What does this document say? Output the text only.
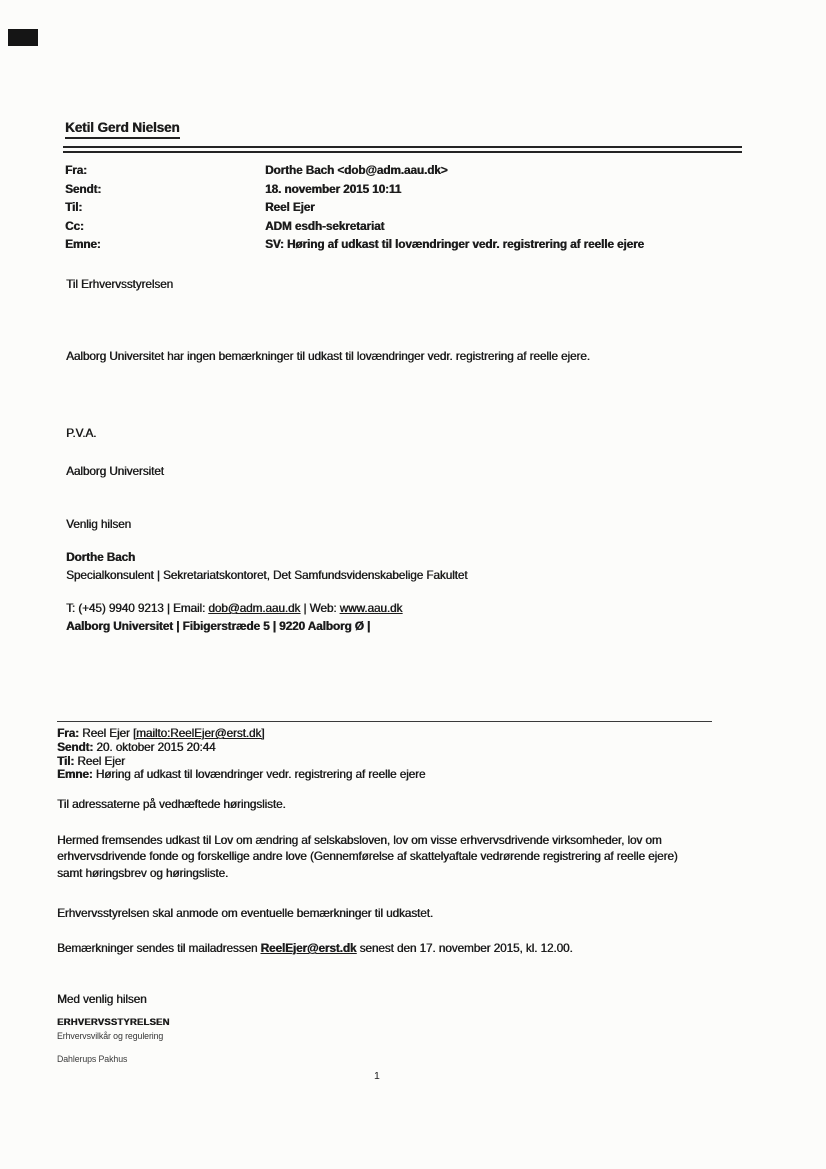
Ketil Gerd Nielsen
Fra:	Dorthe Bach <dob@adm.aau.dk>
Sendt:	18. november 2015 10:11
Til:	Reel Ejer
Cc:	ADM esdh-sekretariat
Emne:	SV: Høring af udkast til lovændringer vedr. registrering af reelle ejere
Til Erhvervsstyrelsen
Aalborg Universitet har ingen bemærkninger til udkast til lovændringer vedr. registrering af reelle ejere.
P.V.A.
Aalborg Universitet
Venlig hilsen
Dorthe Bach
Specialkonsulent | Sekretariatskontoret, Det Samfundsvidenskabelige Fakultet
T: (+45) 9940 9213 | Email: dob@adm.aau.dk | Web: www.aau.dk
Aalborg Universitet | Fibigerstræde 5 | 9220 Aalborg Ø |
Fra: Reel Ejer [mailto:ReelEjer@erst.dk]
Sendt: 20. oktober 2015 20:44
Til: Reel Ejer
Emne: Høring af udkast til lovændringer vedr. registrering af reelle ejere
Til adressaterne på vedhæftede høringsliste.
Hermed fremsendes udkast til Lov om ændring af selskabsloven, lov om visse erhvervsdrivende virksomheder, lov om erhvervsdrivende fonde og forskellige andre love (Gennemførelse af skattelyaftale vedrørende registrering af reelle ejere) samt høringsbrev og høringsliste.
Erhvervsstyrelsen skal anmode om eventuelle bemærkninger til udkastet.
Bemærkninger sendes til mailadressen ReelEjer@erst.dk senest den 17. november 2015, kl. 12.00.
Med venlig hilsen
ERHVERVSSTYRELSEN
Erhvervsvilkår og regulering
Dahlerups Pakhus
1
